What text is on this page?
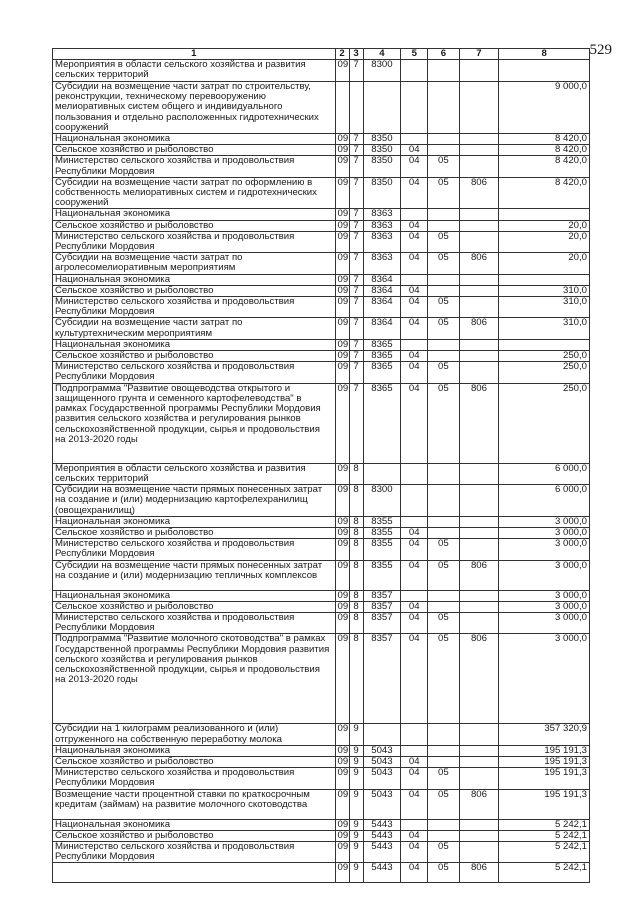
529
1	2	3	4	5	6	7	8
Мероприятия в области сельского хозяйства и развития сельских территорий	09	7	8300				
Субсидии на возмещение части затрат по строительству, реконструкции, техническому перевооружению мелиоративных систем общего и индивидуального пользования и отдельно расположенных гидротехнических сооружений							9 000,0
Национальная экономика	09	7	8350				8 420,0
Сельское хозяйство и рыболовство	09	7	8350	04			8 420,0
Министерство сельского хозяйства и продовольствия Республики Мордовия	09	7	8350	04	05		8 420,0
Субсидии на возмещение части затрат по оформлению в собственность мелиоративных систем и гидротехнических сооружений	09	7	8350	04	05	806	8 420,0
Национальная экономика	09	7	8363				
Сельское хозяйство и рыболовство	09	7	8363	04			20,0
Министерство сельского хозяйства и продовольствия Республики Мордовия	09	7	8363	04	05		20,0
Субсидии на возмещение части затрат по агролесомелиоративным мероприятиям	09	7	8363	04	05	806	20,0
Национальная экономика	09	7	8364				
Сельское хозяйство и рыболовство	09	7	8364	04			310,0
Министерство сельского хозяйства и продовольствия Республики Мордовия	09	7	8364	04	05		310,0
Субсидии на возмещение части затрат по культуртехническим мероприятиям	09	7	8364	04	05	806	310,0
Национальная экономика	09	7	8365				
Сельское хозяйство и рыболовство	09	7	8365	04			250,0
Министерство сельского хозяйства и продовольствия Республики Мордовия	09	7	8365	04	05		250,0
Подпрограмма "Развитие овощеводства открытого и защищенного грунта и семенного картофелеводства" в рамках Государственной программы Республики Мордовия развития сельского хозяйства и регулирования рынков сельскохозяйственной продукции, сырья и продовольствия на 2013-2020 годы	09	7	8365	04	05	806	250,0
Мероприятия в области сельского хозяйства и развития сельских территорий	09	8					6 000,0
Субсидии на возмещение части прямых понесенных затрат на создание и (или) модернизацию картофелехранилищ (овощехранилищ)	09	8	8300				6 000,0
Национальная экономика	09	8	8355				3 000,0
Сельское хозяйство и рыболовство	09	8	8355	04			3 000,0
Министерство сельского хозяйства и продовольствия Республики Мордовия	09	8	8355	04	05		3 000,0
Субсидии на возмещение части прямых понесенных затрат на создание и (или) модернизацию тепличных комплексов	09	8	8355	04	05	806	3 000,0
Национальная экономика	09	8	8357				3 000,0
Сельское хозяйство и рыболовство	09	8	8357	04			3 000,0
Министерство сельского хозяйства и продовольствия Республики Мордовия	09	8	8357	04	05		3 000,0
Подпрограмма "Развитие молочного скотоводства" в рамках Государственной программы Республики Мордовия развития сельского хозяйства и регулирования рынков сельскохозяйственной продукции, сырья и продовольствия на 2013-2020 годы	09	8	8357	04	05	806	3 000,0
Субсидии на 1 килограмм реализованного и (или) отгруженного на собственную переработку молока	09	9					357 320,9
Национальная экономика	09	9	5043				195 191,3
Сельское хозяйство и рыболовство	09	9	5043	04			195 191,3
Министерство сельского хозяйства и продовольствия Республики Мордовия	09	9	5043	04	05		195 191,3
Возмещение части процентной ставки по краткосрочным кредитам (займам) на развитие молочного скотоводства	09	9	5043	04	05	806	195 191,3
Национальная экономика	09	9	5443				5 242,1
Сельское хозяйство и рыболовство	09	9	5443	04			5 242,1
Министерство сельского хозяйства и продовольствия Республики Мордовия	09	9	5443	04	05		5 242,1
	09	9	5443	04	05	806	5 242,1
